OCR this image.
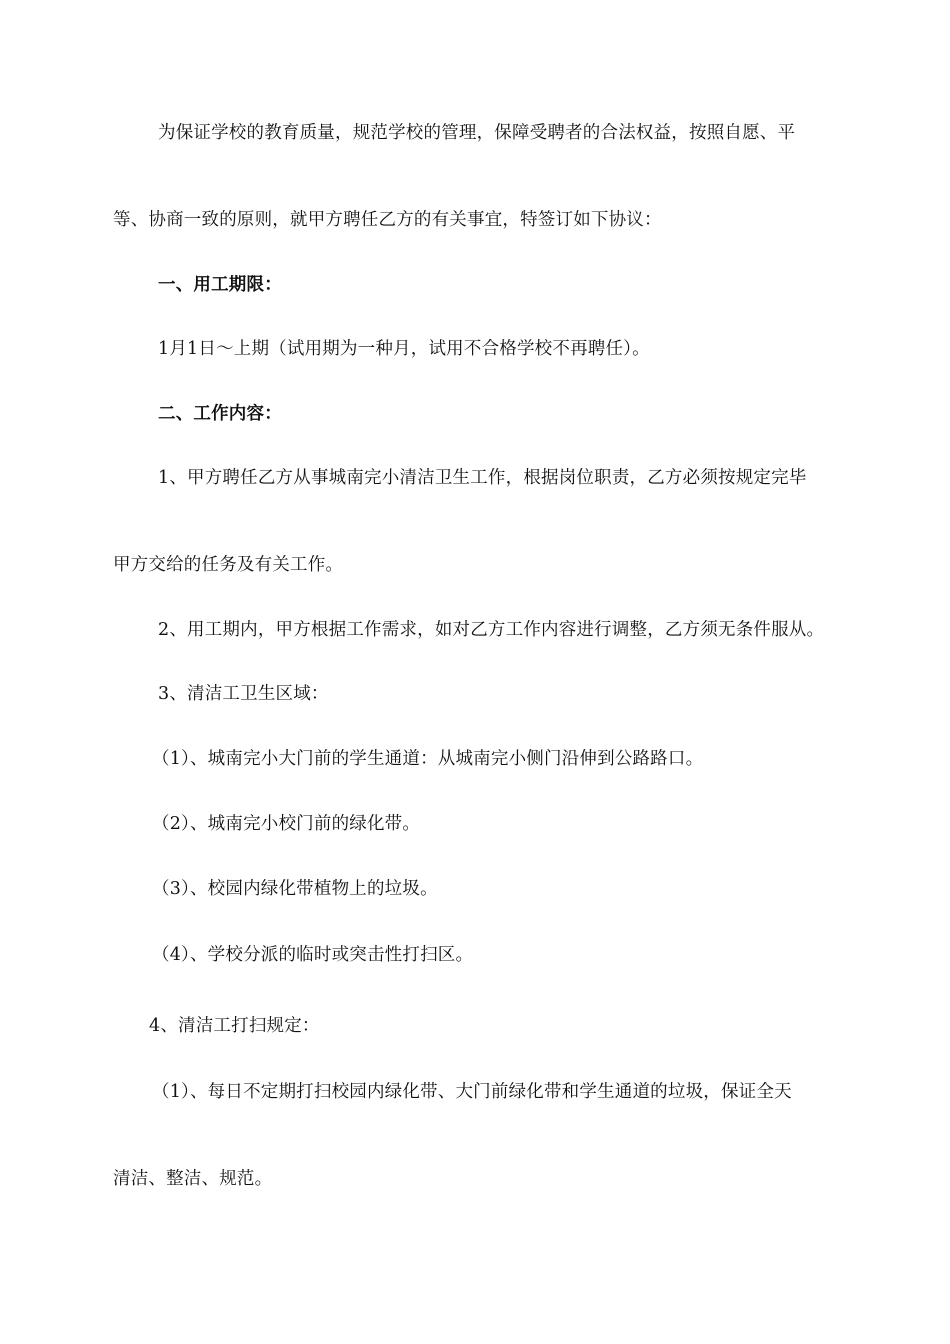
为保证学校的教育质量，规范学校的管理，保障受聘者的合法权益，按照自愿、平
等、协商一致的原则，就甲方聘任乙方的有关事宜，特签订如下协议：
一、用工期限：
1月1日～上期（试用期为一种月，试用不合格学校不再聘任）。
二、工作内容：
1、甲方聘任乙方从事城南完小清洁卫生工作，根据岗位职责，乙方必须按规定完毕
甲方交给的任务及有关工作。
2、用工期内，甲方根据工作需求，如对乙方工作内容进行调整，乙方须无条件服从。
3、清洁工卫生区域：
（1）、城南完小大门前的学生通道：从城南完小侧门沿伸到公路路口。
（2）、城南完小校门前的绿化带。
（3）、校园内绿化带植物上的垃圾。
（4）、学校分派的临时或突击性打扫区。
4、清洁工打扫规定：
（1）、每日不定期打扫校园内绿化带、大门前绿化带和学生通道的垃圾，保证全天
清洁、整洁、规范。
